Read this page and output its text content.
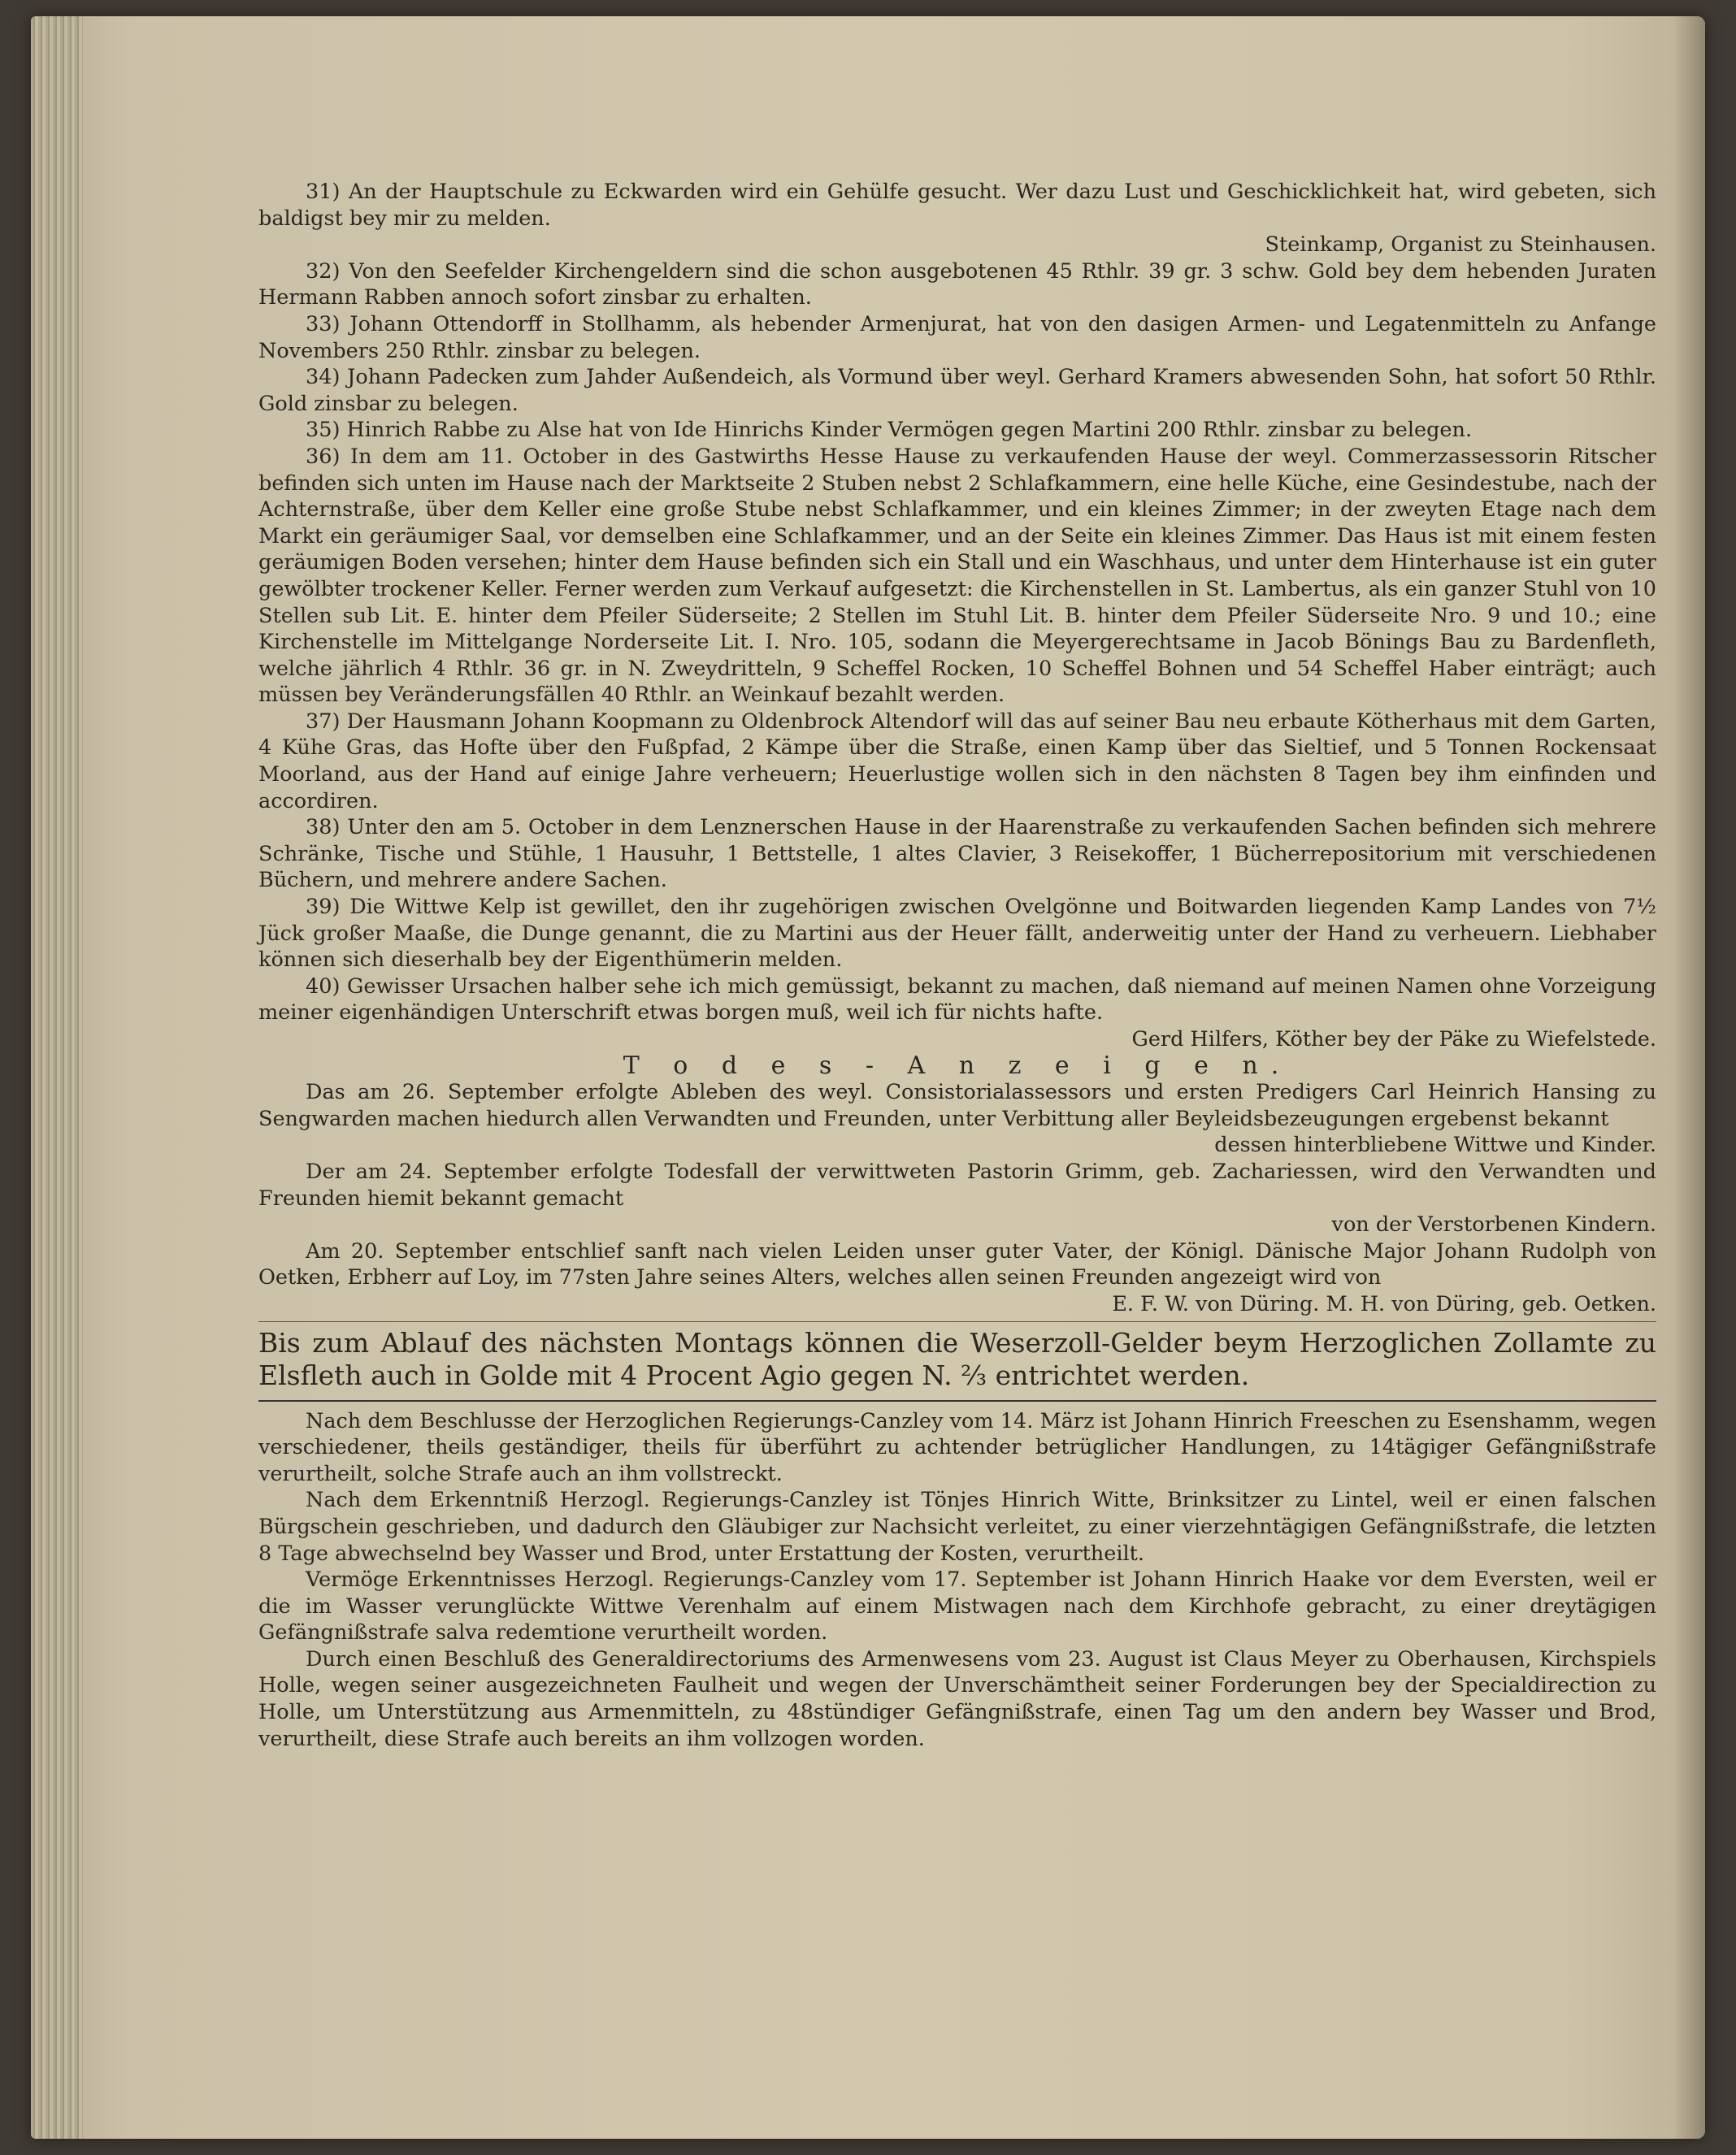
31) An der Hauptschule zu Eckwarden wird ein Gehülfe gesucht. Wer dazu Lust und Geschicklichkeit hat, wird gebeten, sich baldigst bey mir zu melden.

Steinkamp, Organist zu Steinhausen.

32) Von den Seefelder Kirchengeldern sind die schon ausgebotenen 45 Rthlr. 39 gr. 3 schw. Gold bey dem hebenden Juraten Hermann Rabben annoch sofort zinsbar zu erhalten.

33) Johann Ottendorff in Stollhamm, als hebender Armenjurat, hat von den dasigen Armen- und Legatenmitteln zu Anfange Novembers 250 Rthlr. zinsbar zu belegen.

34) Johann Padecken zum Jahder Außendeich, als Vormund über weyl. Gerhard Kramers abwesenden Sohn, hat sofort 50 Rthlr. Gold zinsbar zu belegen.

35) Hinrich Rabbe zu Alse hat von Ide Hinrichs Kinder Vermögen gegen Martini 200 Rthlr. zinsbar zu belegen.

36) In dem am 11. October in des Gastwirths Hesse Hause zu verkaufenden Hause der weyl. Commerzassessorin Ritscher befinden sich unten im Hause nach der Marktseite 2 Stuben nebst 2 Schlafkammern, eine helle Küche, eine Gesindestube, nach der Achternstraße, über dem Keller eine große Stube nebst Schlafkammer, und ein kleines Zimmer; in der zweyten Etage nach dem Markt ein geräumiger Saal, vor demselben eine Schlafkammer, und an der Seite ein kleines Zimmer. Das Haus ist mit einem festen geräumigen Boden versehen; hinter dem Hause befinden sich ein Stall und ein Waschhaus, und unter dem Hinterhause ist ein guter gewölbter trockener Keller. Ferner werden zum Verkauf aufgesetzt: die Kirchenstellen in St. Lambertus, als ein ganzer Stuhl von 10 Stellen sub Lit. E. hinter dem Pfeiler Süderseite; 2 Stellen im Stuhl Lit. B. hinter dem Pfeiler Süderseite Nro. 9 und 10.; eine Kirchenstelle im Mittelgange Norderseite Lit. I. Nro. 105, sodann die Meyergerechtsame in Jacob Bönings Bau zu Bardenfleth, welche jährlich 4 Rthlr. 36 gr. in N. Zweydritteln, 9 Scheffel Rocken, 10 Scheffel Bohnen und 54 Scheffel Haber einträgt; auch müssen bey Veränderungsfällen 40 Rthlr. an Weinkauf bezahlt werden.

37) Der Hausmann Johann Koopmann zu Oldenbrock Altendorf will das auf seiner Bau neu erbaute Kötherhaus mit dem Garten, 4 Kühe Gras, das Hofte über den Fußpfad, 2 Kämpe über die Straße, einen Kamp über das Sieltief, und 5 Tonnen Rockensaat Moorland, aus der Hand auf einige Jahre verheuern; Heuerlustige wollen sich in den nächsten 8 Tagen bey ihm einfinden und accordiren.

38) Unter den am 5. October in dem Lenznerschen Hause in der Haarenstraße zu verkaufenden Sachen befinden sich mehrere Schränke, Tische und Stühle, 1 Hausuhr, 1 Bettstelle, 1 altes Clavier, 3 Reisekoffer, 1 Bücherrepositorium mit verschiedenen Büchern, und mehrere andere Sachen.

39) Die Wittwe Kelp ist gewillet, den ihr zugehörigen zwischen Ovelgönne und Boitwarden liegenden Kamp Landes von 7½ Jück großer Maaße, die Dunge genannt, die zu Martini aus der Heuer fällt, anderweitig unter der Hand zu verheuern. Liebhaber können sich dieserhalb bey der Eigenthümerin melden.

40) Gewisser Ursachen halber sehe ich mich gemüssigt, bekannt zu machen, daß niemand auf meinen Namen ohne Vorzeigung meiner eigenhändigen Unterschrift etwas borgen muß, weil ich für nichts hafte.

Gerd Hilfers, Köther bey der Päke zu Wiefelstede.

T o d e s - A n z e i g e n.

Das am 26. September erfolgte Ableben des weyl. Consistorialassessors und ersten Predigers Carl Heinrich Hansing zu Sengwarden machen hiedurch allen Verwandten und Freunden, unter Verbittung aller Beyleidsbezeugungen ergebenst bekannt

dessen hinterbliebene Wittwe und Kinder.

Der am 24. September erfolgte Todesfall der verwittweten Pastorin Grimm, geb. Zachariessen, wird den Verwandten und Freunden hiemit bekannt gemacht

von der Verstorbenen Kindern.

Am 20. September entschlief sanft nach vielen Leiden unser guter Vater, der Königl. Dänische Major Johann Rudolph von Oetken, Erbherr auf Loy, im 77sten Jahre seines Alters, welches allen seinen Freunden angezeigt wird von

E. F. W. von Düring. M. H. von Düring, geb. Oetken.

Bis zum Ablauf des nächsten Montags können die Weserzoll-Gelder beym Herzoglichen Zollamte zu Elsfleth auch in Golde mit 4 Procent Agio gegen N. ⅔ entrichtet werden.

Nach dem Beschlusse der Herzoglichen Regierungs-Canzley vom 14. März ist Johann Hinrich Freeschen zu Esenshamm, wegen verschiedener, theils geständiger, theils für überführt zu achtender betrüglicher Handlungen, zu 14tägiger Gefängnißstrafe verurtheilt, solche Strafe auch an ihm vollstreckt.

Nach dem Erkenntniß Herzogl. Regierungs-Canzley ist Tönjes Hinrich Witte, Brinksitzer zu Lintel, weil er einen falschen Bürgschein geschrieben, und dadurch den Gläubiger zur Nachsicht verleitet, zu einer vierzehntägigen Gefängnißstrafe, die letzten 8 Tage abwechselnd bey Wasser und Brod, unter Erstattung der Kosten, verurtheilt.

Vermöge Erkenntnisses Herzogl. Regierungs-Canzley vom 17. September ist Johann Hinrich Haake vor dem Eversten, weil er die im Wasser verunglückte Wittwe Verenhalm auf einem Mistwagen nach dem Kirchhofe gebracht, zu einer dreytägigen Gefängnißstrafe salva redemtione verurtheilt worden.

Durch einen Beschluß des Generaldirectoriums des Armenwesens vom 23. August ist Claus Meyer zu Oberhausen, Kirchspiels Holle, wegen seiner ausgezeichneten Faulheit und wegen der Unverschämtheit seiner Forderungen bey der Specialdirection zu Holle, um Unterstützung aus Armenmitteln, zu 48stündiger Gefängnißstrafe, einen Tag um den andern bey Wasser und Brod, verurtheilt, diese Strafe auch bereits an ihm vollzogen worden.
